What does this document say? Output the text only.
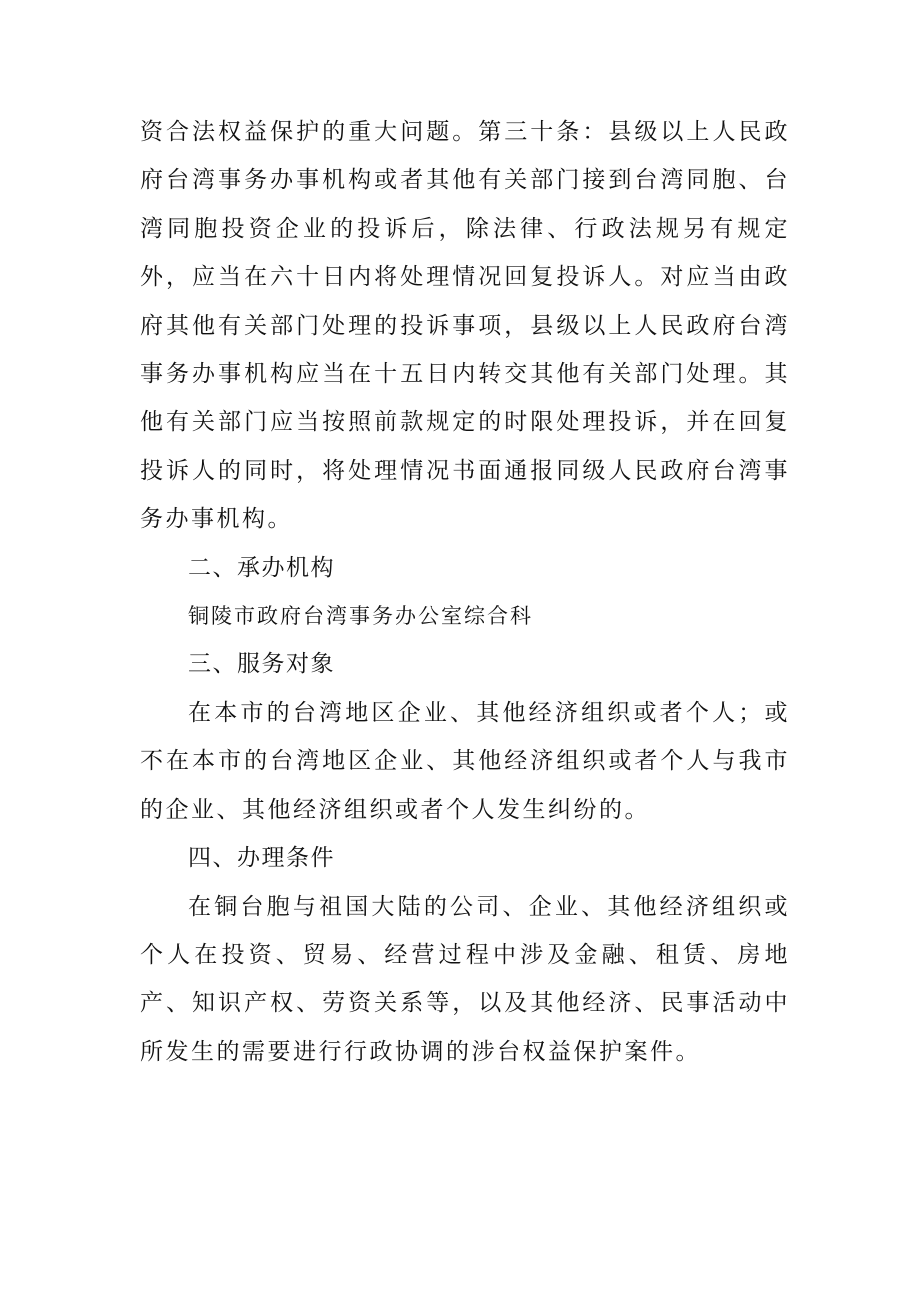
资合法权益保护的重大问题。第三十条：县级以上人民政府台湾事务办事机构或者其他有关部门接到台湾同胞、台湾同胞投资企业的投诉后，除法律、行政法规另有规定外，应当在六十日内将处理情况回复投诉人。对应当由政府其他有关部门处理的投诉事项，县级以上人民政府台湾事务办事机构应当在十五日内转交其他有关部门处理。其他有关部门应当按照前款规定的时限处理投诉，并在回复投诉人的同时，将处理情况书面通报同级人民政府台湾事务办事机构。

二、承办机构

铜陵市政府台湾事务办公室综合科

三、服务对象

在本市的台湾地区企业、其他经济组织或者个人；或不在本市的台湾地区企业、其他经济组织或者个人与我市的企业、其他经济组织或者个人发生纠纷的。

四、办理条件

在铜台胞与祖国大陆的公司、企业、其他经济组织或个人在投资、贸易、经营过程中涉及金融、租赁、房地产、知识产权、劳资关系等，以及其他经济、民事活动中所发生的需要进行行政协调的涉台权益保护案件。
